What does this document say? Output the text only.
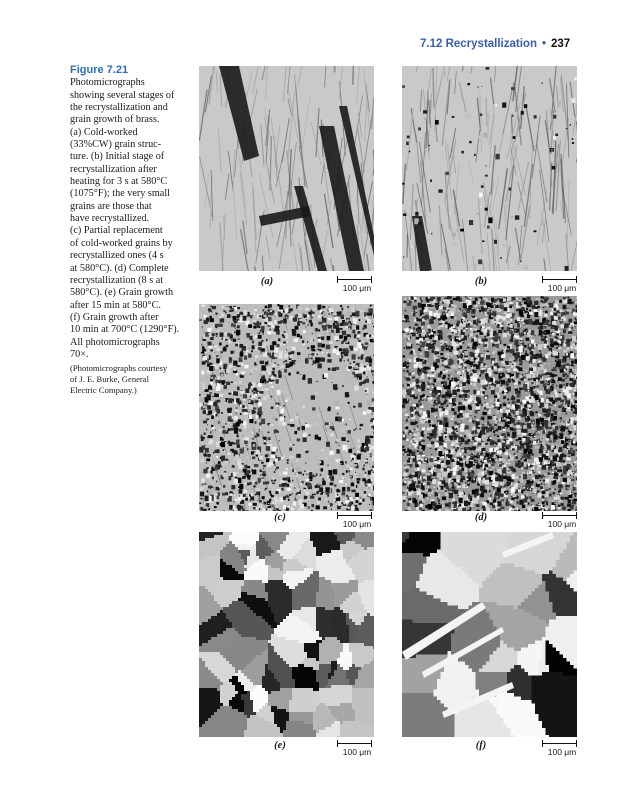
7.12 Recrystallization • 237
Figure 7.21
Photomicrographs
showing several stages of
the recrystallization and
grain growth of brass.
(a) Cold-worked
(33%CW) grain struc-
ture. (b) Initial stage of
recrystallization after
heating for 3 s at 580°C
(1075°F); the very small
grains are those that
have recrystallized.
(c) Partial replacement
of cold-worked grains by
recrystallized ones (4 s
at 580°C). (d) Complete
recrystallization (8 s at
580°C). (e) Grain growth
after 15 min at 580°C.
(f) Grain growth after
10 min at 700°C (1290°F).
All photomicrographs
70×.

(Photomicrographs courtesy
of J. E. Burke, General
Electric Company.)

(a)	(b)
(c)	(d)
(e)	(f)
100 μm	100 μm
100 μm	100 μm
100 μm	100 μm
